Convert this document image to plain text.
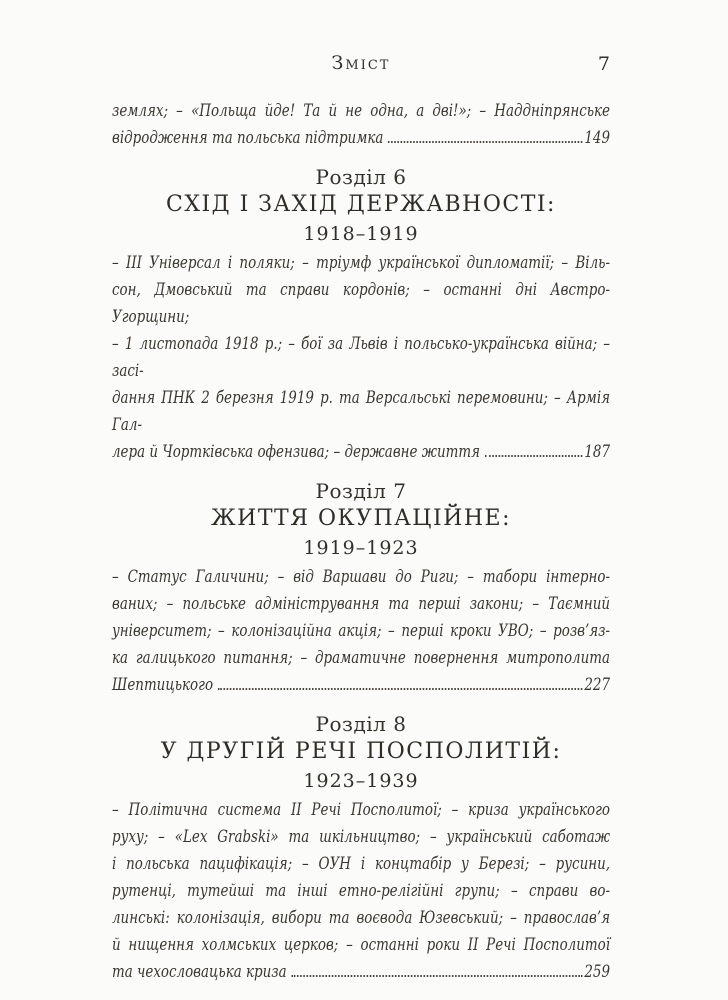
Зміст	7
землях; – «Польща йде! Та й не одна, а дві!»; – Наддніпрянське
відродження та польська підтримка	149
Розділ 6
СХІД І ЗАХІД ДЕРЖАВНОСТІ:
1918–1919
– ІІІ Універсал і поляки; – тріумф української дипломатії; – Віль-
сон, Дмовський та справи кордонів; – останні дні Австро-Угорщини;
– 1 листопада 1918 р.; – бої за Львів і польсько-українська війна; – засі-
дання ПНК 2 березня 1919 р. та Версальські перемовини; – Армія Гал-
лера й Чортківська офензива; – державне життя	187
Розділ 7
ЖИТТЯ ОКУПАЦІЙНЕ:
1919–1923
– Статус Галичини; – від Варшави до Риги; – табори інтерно-
ваних; – польське адміністрування та перші закони; – Таємний
університет; – колонізаційна акція; – перші кроки УВО; – розв’яз-
ка галицького питання; – драматичне повернення митрополита
Шептицького	227
Розділ 8
У ДРУГІЙ РЕЧІ ПОСПОЛИТІЙ:
1923–1939
– Політична система ІІ Речі Посполитої; – криза українського
руху; – «Lex Grabski» та шкільництво; – український саботаж
і польська пацифікація; – ОУН і концтабір у Березі; – русини,
рутенці, тутейші та інші етно-релігійні групи; – справи во-
линські: колонізація, вибори та воєвода Юзевський; – православ’я
й нищення холмських церков; – останні роки ІІ Речі Посполитої
та чехословацька криза	259
